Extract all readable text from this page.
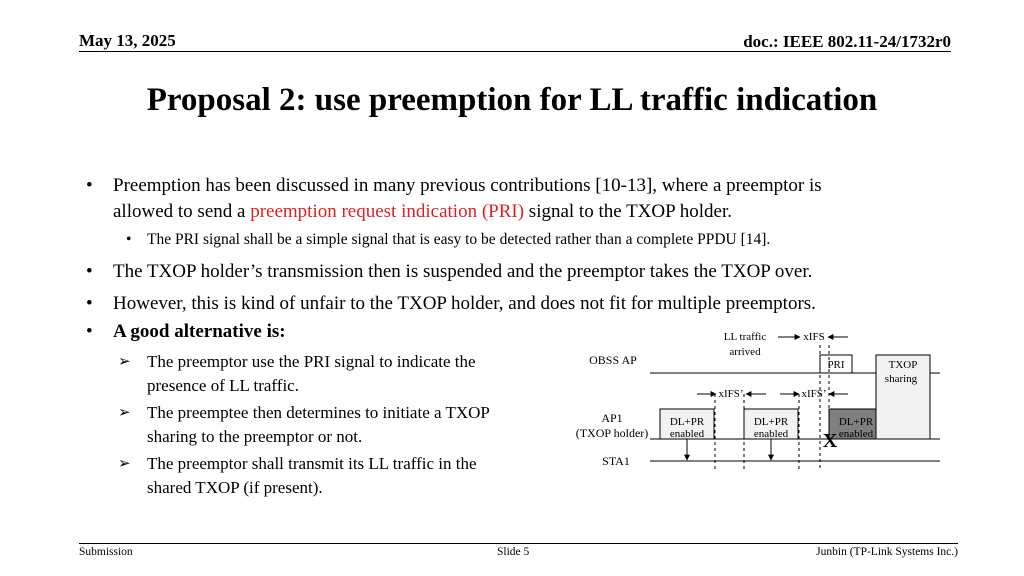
May 13, 2025	doc.: IEEE 802.11-24/1732r0
Proposal 2: use preemption for LL traffic indication
• Preemption has been discussed in many previous contributions [10-13], where a preemptor is
allowed to send a preemption request indication (PRI) signal to the TXOP holder.
• The PRI signal shall be a simple signal that is easy to be detected rather than a complete PPDU [14].
• The TXOP holder’s transmission then is suspended and the preemptor takes the TXOP over.
• However, this is kind of unfair to the TXOP holder, and does not fit for multiple preemptors.
• A good alternative is:
➢ The preemptor use the PRI signal to indicate the
presence of LL traffic.
➢ The preemptee then determines to initiate a TXOP
sharing to the preemptor or not.
➢ The preemptor shall transmit its LL traffic in the
shared TXOP (if present).
LL traffic
arrived
xIFS
OBSS AP	PRI	TXOP
sharing
xIFS’	xIFS’
AP1
(TXOP holder)
DL+PR
enabled
DL+PR
enabled
DL+PR
enabled
X
STA1
Submission	Slide 5	Junbin (TP-Link Systems Inc.)
